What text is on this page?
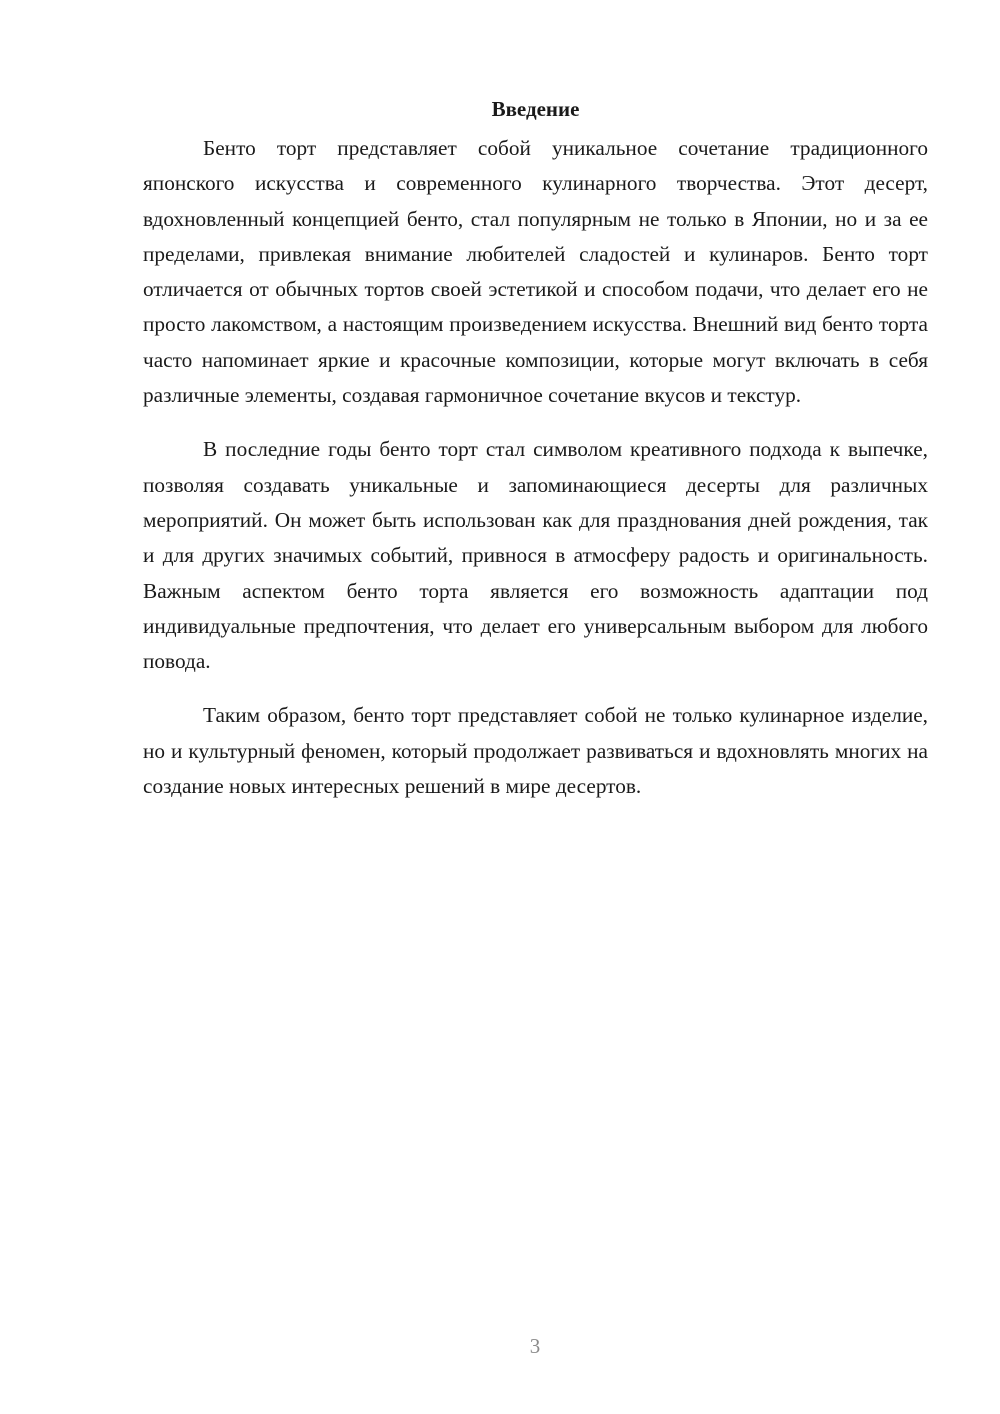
Введение

Бенто торт представляет собой уникальное сочетание традиционного японского искусства и современного кулинарного творчества. Этот десерт, вдохновленный концепцией бенто, стал популярным не только в Японии, но и за ее пределами, привлекая внимание любителей сладостей и кулинаров. Бенто торт отличается от обычных тортов своей эстетикой и способом подачи, что делает его не просто лакомством, а настоящим произведением искусства. Внешний вид бенто торта часто напоминает яркие и красочные композиции, которые могут включать в себя различные элементы, создавая гармоничное сочетание вкусов и текстур.

В последние годы бенто торт стал символом креативного подхода к выпечке, позволяя создавать уникальные и запоминающиеся десерты для различных мероприятий. Он может быть использован как для празднования дней рождения, так и для других значимых событий, привнося в атмосферу радость и оригинальность. Важным аспектом бенто торта является его возможность адаптации под индивидуальные предпочтения, что делает его универсальным выбором для любого повода.

Таким образом, бенто торт представляет собой не только кулинарное изделие, но и культурный феномен, который продолжает развиваться и вдохновлять многих на создание новых интересных решений в мире десертов.

3
